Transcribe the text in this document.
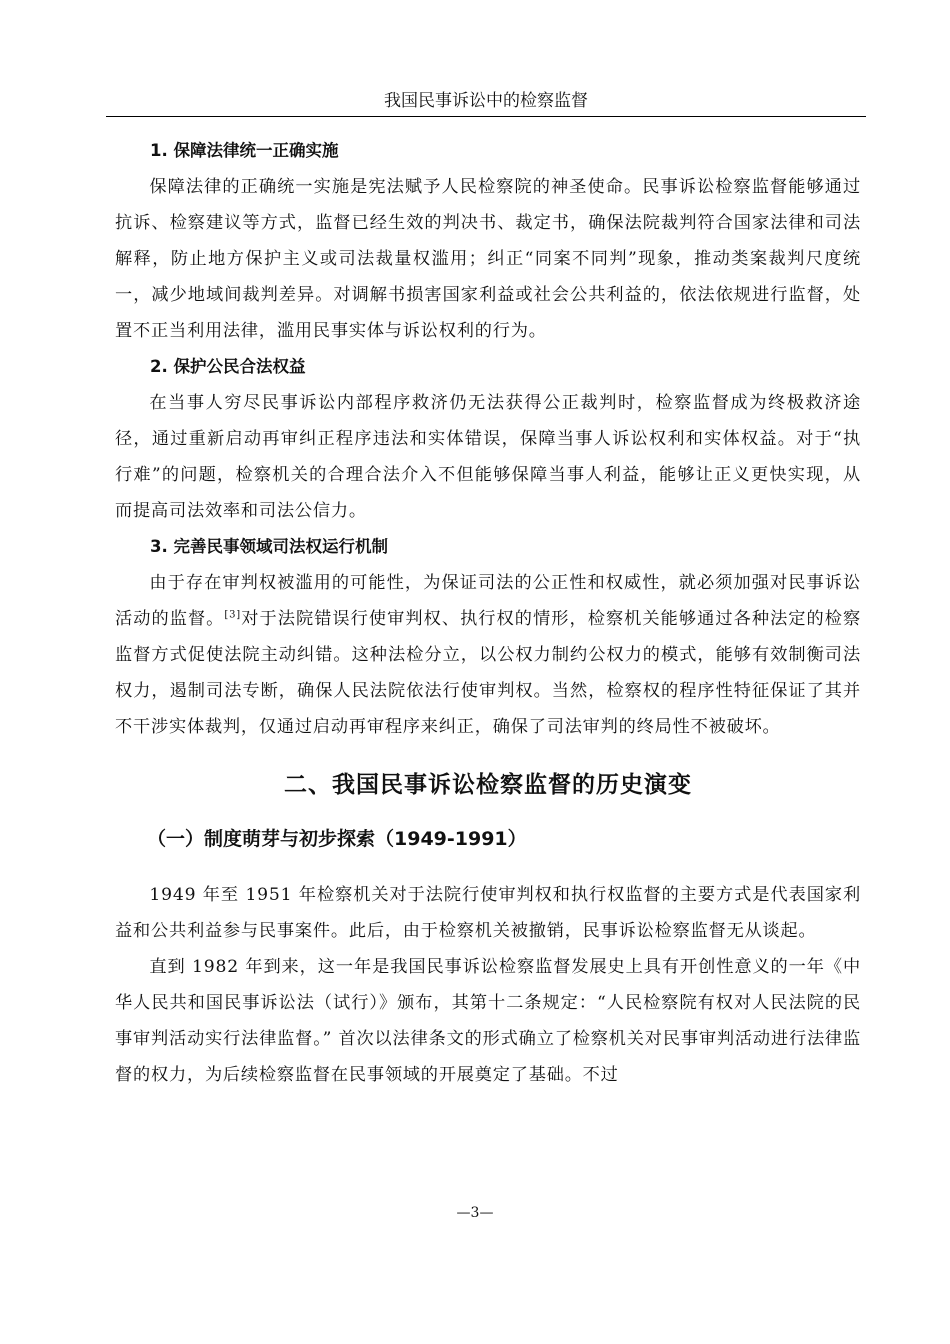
我国民事诉讼中的检察监督

1. 保障法律统一正确实施

保障法律的正确统一实施是宪法赋予人民检察院的神圣使命。民事诉讼检察监督能够通过抗诉、检察建议等方式，监督已经生效的判决书、裁定书，确保法院裁判符合国家法律和司法解释，防止地方保护主义或司法裁量权滥用；纠正“同案不同判”现象，推动类案裁判尺度统一，减少地域间裁判差异。对调解书损害国家利益或社会公共利益的，依法依规进行监督，处置不正当利用法律，滥用民事实体与诉讼权利的行为。

2. 保护公民合法权益

在当事人穷尽民事诉讼内部程序救济仍无法获得公正裁判时，检察监督成为终极救济途径，通过重新启动再审纠正程序违法和实体错误，保障当事人诉讼权利和实体权益。对于“执行难”的问题，检察机关的合理合法介入不但能够保障当事人利益，能够让正义更快实现，从而提高司法效率和司法公信力。

3. 完善民事领域司法权运行机制

由于存在审判权被滥用的可能性，为保证司法的公正性和权威性，就必须加强对民事诉讼活动的监督。[3]对于法院错误行使审判权、执行权的情形，检察机关能够通过各种法定的检察监督方式促使法院主动纠错。这种法检分立，以公权力制约公权力的模式，能够有效制衡司法权力，遏制司法专断，确保人民法院依法行使审判权。当然，检察权的程序性特征保证了其并不干涉实体裁判，仅通过启动再审程序来纠正，确保了司法审判的终局性不被破坏。

二、我国民事诉讼检察监督的历史演变
（一）制度萌芽与初步探索（1949-1991）

1949 年至 1951 年检察机关对于法院行使审判权和执行权监督的主要方式是代表国家利益和公共利益参与民事案件。此后，由于检察机关被撤销，民事诉讼检察监督无从谈起。

直到 1982 年到来，这一年是我国民事诉讼检察监督发展史上具有开创性意义的一年《中华人民共和国民事诉讼法（试行）》颁布，其第十二条规定：“人民检察院有权对人民法院的民事审判活动实行法律监督。” 首次以法律条文的形式确立了检察机关对民事审判活动进行法律监督的权力，为后续检察监督在民事领域的开展奠定了基础。不过

—3—
